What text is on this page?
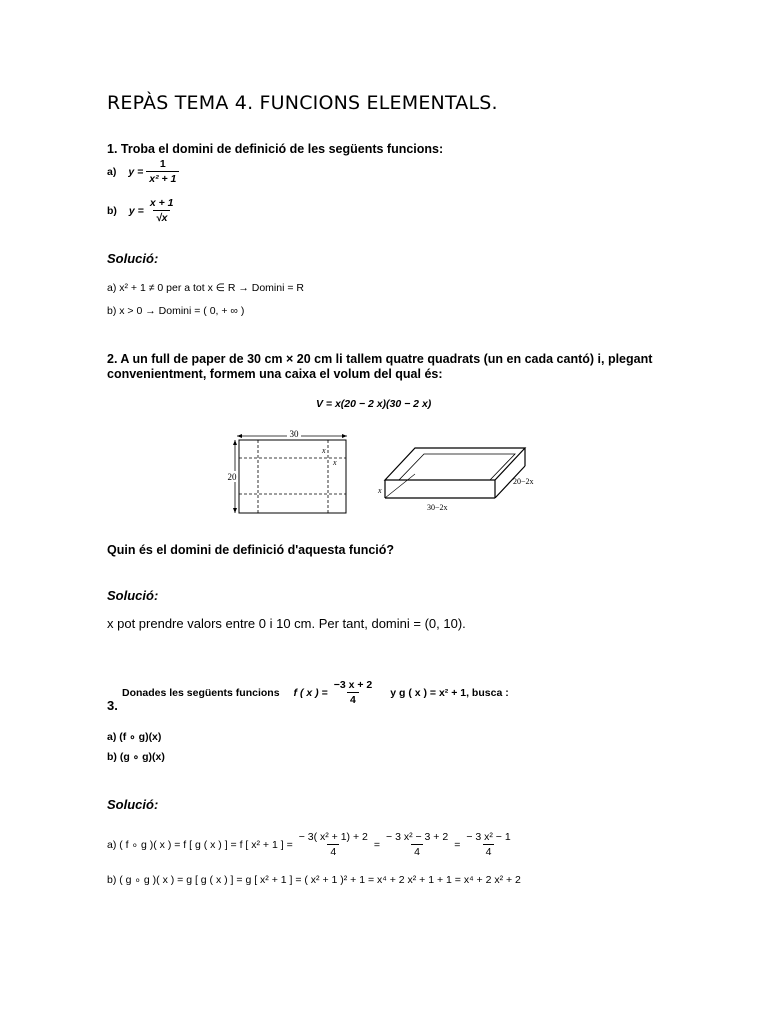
REPÀS TEMA 4. FUNCIONS ELEMENTALS.
1. Troba el domini de definició de les següents funcions:
a) $y = \frac{1}{\text{x² + 1}}$
b) $y = \frac{x + 1}{√x}$
Solució:
a) x² + 1 ≠ 0 per a tot x ∈ R → Domini = R
b) x > 0 → Domini = ( 0, + ∞ )
2. A un full de paper de 30 cm × 20 cm li tallem quatre quadrats (un en cada cantó) i, plegant
convenientment, formem una caixa el volum del qual és:
V = x(20 − 2 x)(30 − 2 x)
30
20
x
x
x
20−2x
30−2x
Quin és el domini de definició d'aquesta funció?
Solució:
x pot prendre valors entre 0 i 10 cm. Per tant, domini = (0, 10).
3.
Donades les següents funcions f ( x ) = $\frac{-3 x + 2}{4}$ y g ( x ) = x² + 1, busca :
a) (f ∘ g)(x)
b) (g ∘ g)(x)
Solució:
a) ( f ∘ g )( x ) = f [ g ( x ) ] = f [ x² + 1 ] = $\frac{\text{− 3( x² + 1) + 2}}{4} = \frac{\text{− 3 x² − 3 + 2}}{4} = \frac{\text{− 3 x² − 1}}{4}$
b) ( g ∘ g )( x ) = g [ g ( x ) ] = g [ x² + 1 ] = ( x² + 1 )² + 1 = x⁴ + 2 x² + 1 + 1 = x⁴ + 2 x² + 2
